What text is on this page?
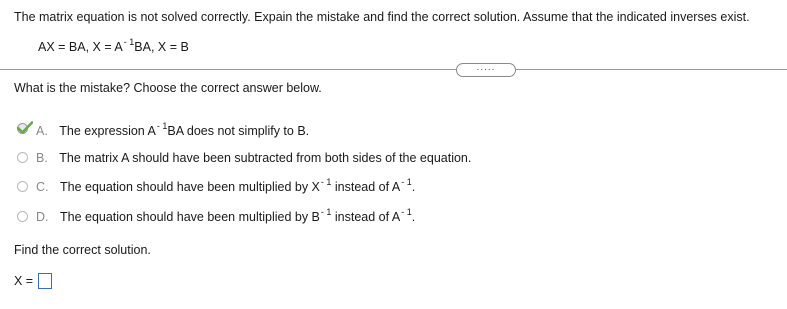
The matrix equation is not solved correctly. Expain the mistake and find the correct solution. Assume that the indicated inverses exist.
AX = BA, $X = A^{- 1}BA$, X = B
.....
What is the mistake? Choose the correct answer below.
A. The expression $A^{- 1}BA$ does not simplify to B.
B. The matrix A should have been subtracted from both sides of the equation.
C. The equation should have been multiplied by $X^{- 1}$ instead of $A^{- 1}$.
D. The equation should have been multiplied by $B^{- 1}$ instead of $A^{- 1}$.
Find the correct solution.
X =
